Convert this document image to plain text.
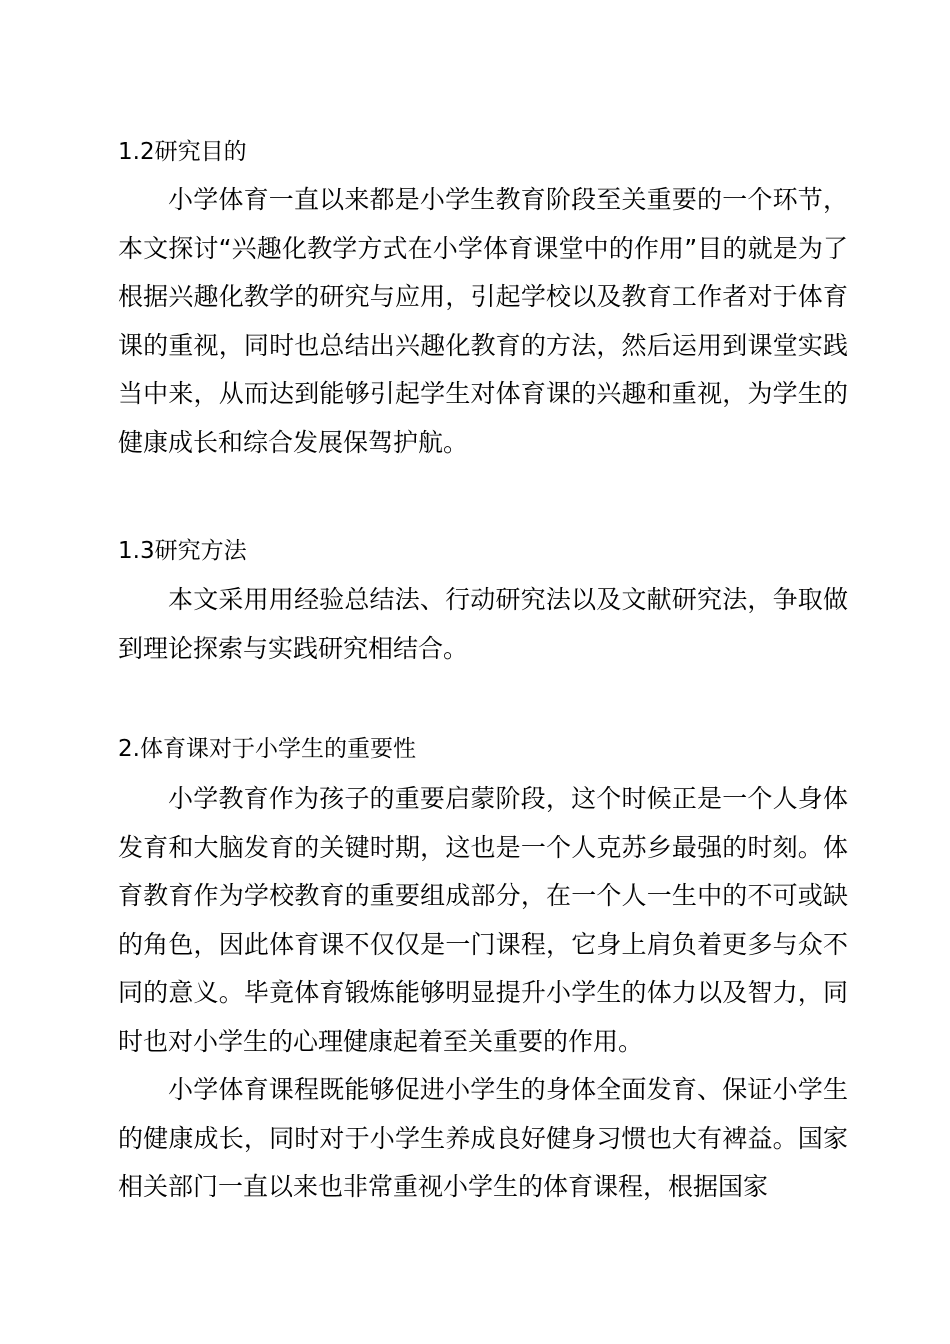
1.2研究目的
小学体育一直以来都是小学生教育阶段至关重要的一个环节，本文探讨“兴趣化教学方式在小学体育课堂中的作用”目的就是为了根据兴趣化教学的研究与应用，引起学校以及教育工作者对于体育课的重视，同时也总结出兴趣化教育的方法，然后运用到课堂实践当中来，从而达到能够引起学生对体育课的兴趣和重视，为学生的健康成长和综合发展保驾护航。
1.3研究方法
本文采用用经验总结法、行动研究法以及文献研究法，争取做到理论探索与实践研究相结合。
2.体育课对于小学生的重要性
小学教育作为孩子的重要启蒙阶段，这个时候正是一个人身体发育和大脑发育的关键时期，这也是一个人克苏乡最强的时刻。体育教育作为学校教育的重要组成部分，在一个人一生中的不可或缺的角色，因此体育课不仅仅是一门课程，它身上肩负着更多与众不同的意义。毕竟体育锻炼能够明显提升小学生的体力以及智力，同时也对小学生的心理健康起着至关重要的作用。
小学体育课程既能够促进小学生的身体全面发育、保证小学生的健康成长，同时对于小学生养成良好健身习惯也大有裨益。国家相关部门一直以来也非常重视小学生的体育课程，根据国家
